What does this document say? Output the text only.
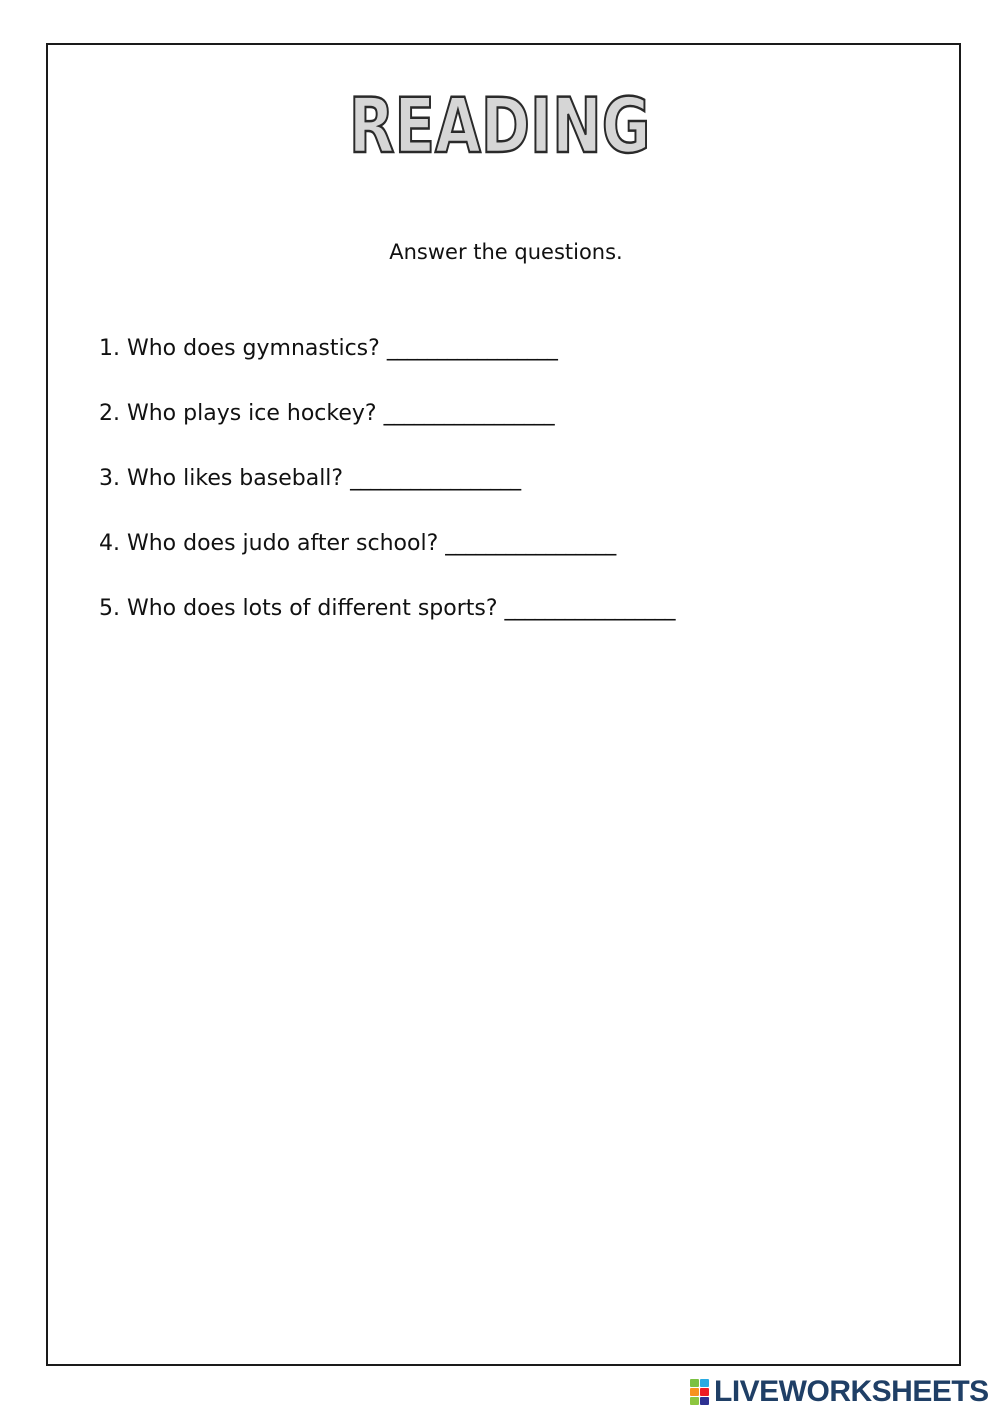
READING
Answer the questions.
1. Who does gymnastics? _________________
2. Who plays ice hockey? _________________
3. Who likes baseball? _________________
4. Who does judo after school? _________________
5. Who does lots of different sports? _________________
LIVEWORKSHEETS
